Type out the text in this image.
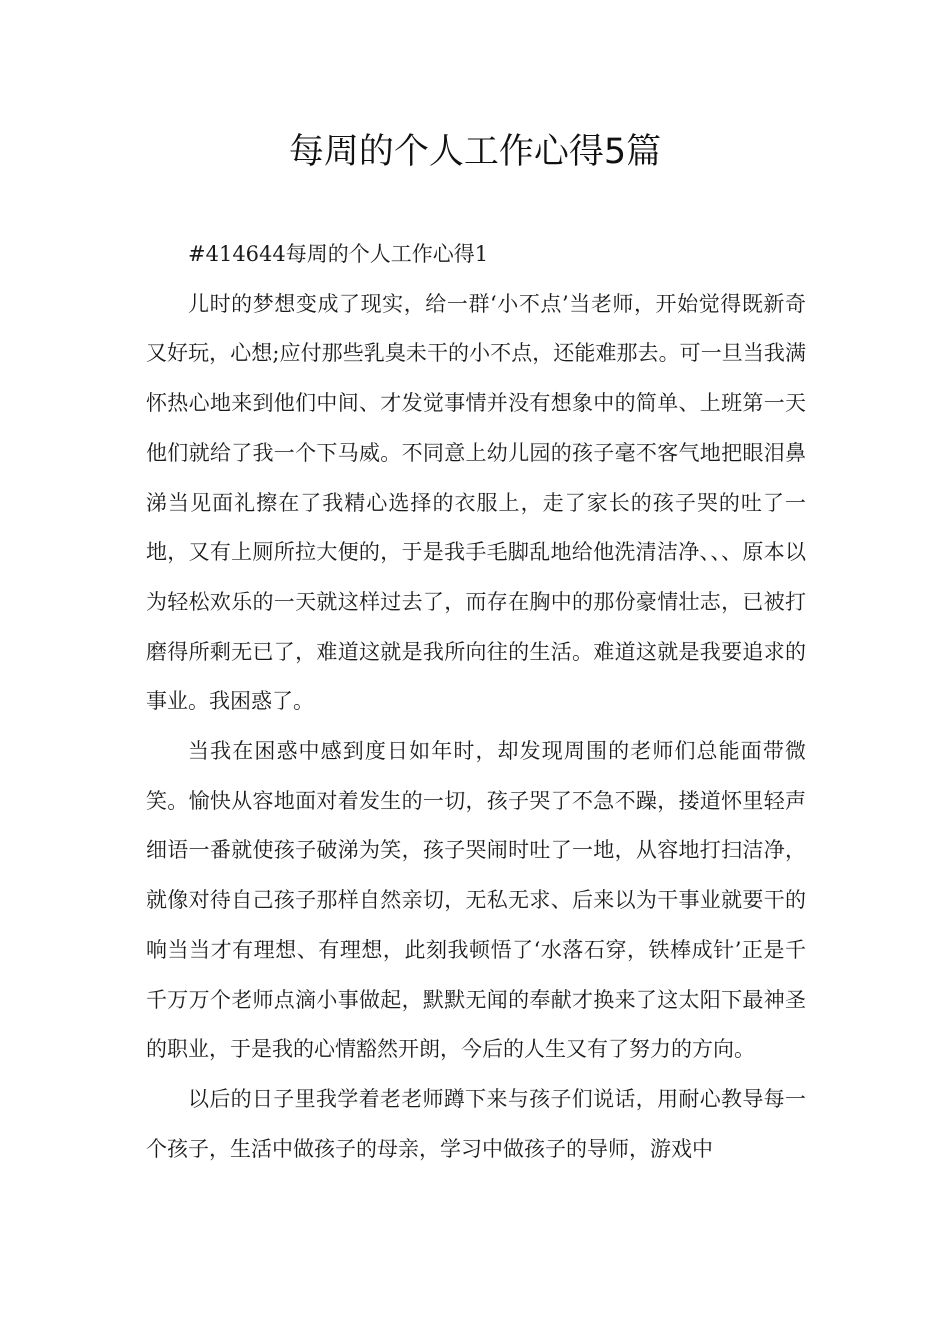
每周的个人工作心得5篇

#414644每周的个人工作心得1

儿时的梦想变成了现实，给一群‘小不点’当老师，开始觉得既新奇又好玩，心想;应付那些乳臭未干的小不点，还能难那去。可一旦当我满怀热心地来到他们中间、才发觉事情并没有想象中的简单、上班第一天他们就给了我一个下马威。不同意上幼儿园的孩子毫不客气地把眼泪鼻涕当见面礼擦在了我精心选择的衣服上，走了家长的孩子哭的吐了一地，又有上厕所拉大便的，于是我手毛脚乱地给他洗清洁净、、、原本以为轻松欢乐的一天就这样过去了，而存在胸中的那份豪情壮志，已被打磨得所剩无已了，难道这就是我所向往的生活。难道这就是我要追求的事业。我困惑了。

当我在困惑中感到度日如年时，却发现周围的老师们总能面带微笑。愉快从容地面对着发生的一切，孩子哭了不急不躁，搂道怀里轻声细语一番就使孩子破涕为笑，孩子哭闹时吐了一地，从容地打扫洁净，就像对待自己孩子那样自然亲切，无私无求、后来以为干事业就要干的响当当才有理想、有理想，此刻我顿悟了‘水落石穿，铁棒成针’正是千千万万个老师点滴小事做起，默默无闻的奉献才换来了这太阳下最神圣的职业，于是我的心情豁然开朗，今后的人生又有了努力的方向。

以后的日子里我学着老老师蹲下来与孩子们说话，用耐心教导每一个孩子，生活中做孩子的母亲，学习中做孩子的导师，游戏中
